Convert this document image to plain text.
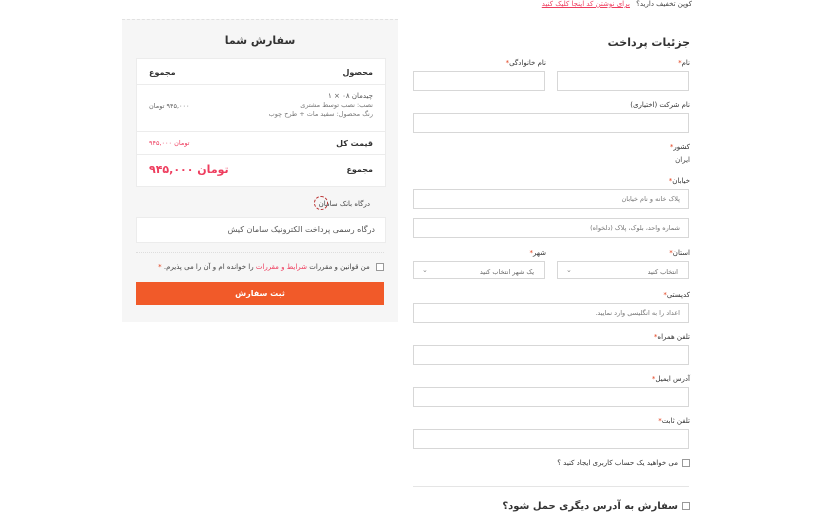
کوپن تخفیف دارید؟ برای نوشتن کد اینجا کلیک کنید
سفارش شما
محصول
مجموع
چیدمان ۰۸ × ۱
نصب: نصب توسط مشتری
رنگ محصول: سفید مات + طرح چوب
۹۴۵,۰۰۰ تومان
قیمت کل
۹۴۵,۰۰۰ تومان
مجموع
۹۴۵,۰۰۰ تومان
درگاه بانک سامان
درگاه رسمی پرداخت الکترونیک سامان کیش
من قوانین و مقررات شرایط و مقررات را خوانده ام و آن را می پذیرم. *
ثبت سفارش
جزئیات پرداخت
نام*
نام خانوادگی*
نام شرکت (اختیاری)
کشور*
ایران
خیابان*
پلاک خانه و نام خیابان
شماره واحد، بلوک، پلاک (دلخواه)
استان*
شهر*
انتخاب کنید
⌄
یک شهر انتخاب کنید
⌄
کدپستی*
اعداد را به انگلیسی وارد نمایید.
تلفن همراه*
آدرس ایمیل*
تلفن ثابت*
می خواهید یک حساب کاربری ایجاد کنید ؟
سفارش به آدرس دیگری حمل شود؟
